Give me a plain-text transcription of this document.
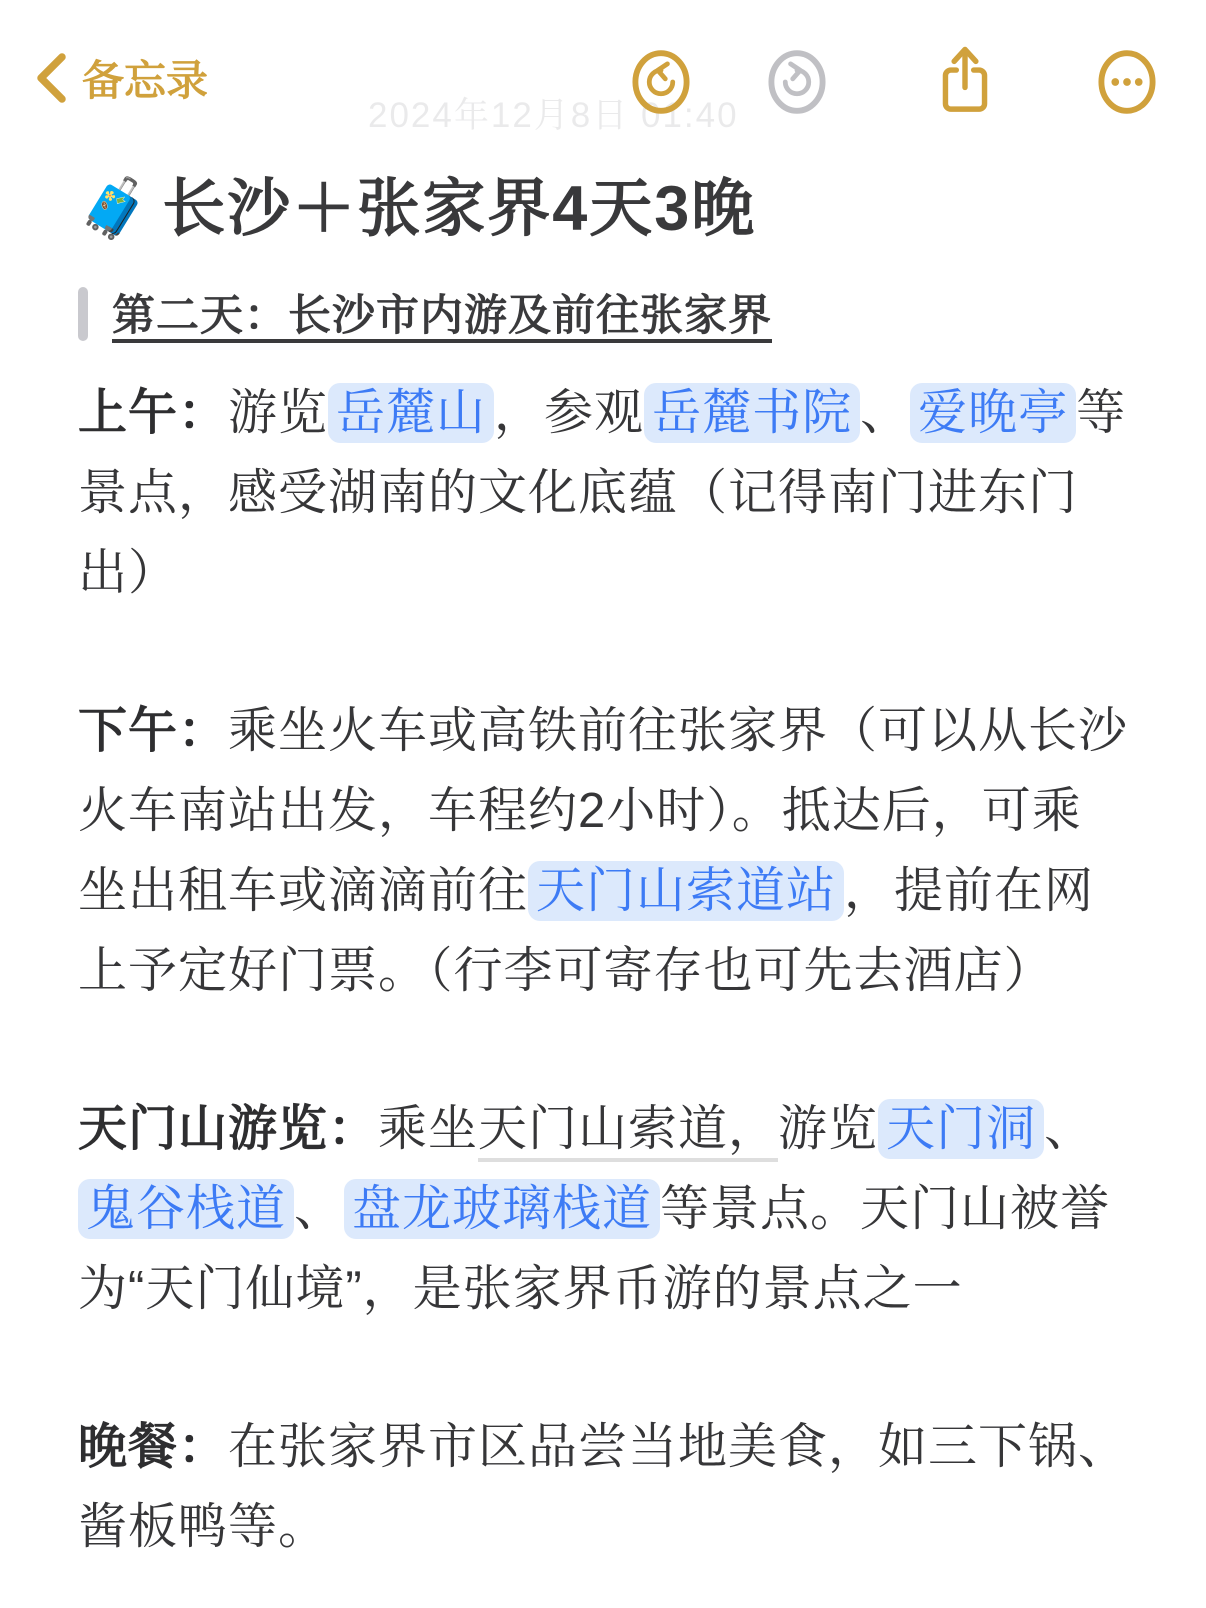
备忘录
2024年12月8日 01:40
🧳 长沙＋张家界4天3晚
第二天：长沙市内游及前往张家界

上午：游览 岳麓山 ，参观 岳麓书院 、 爱晚亭 等景点，感受湖南的文化底蕴（记得南门进东门出）

下午：乘坐火车或高铁前往张家界（可以从长沙火车南站出发，车程约2小时）。抵达后，可乘坐出租车或滴滴前往 天门山索道站 ，提前在网上予定好门票。（行李可寄存也可先去酒店）

天门山游览：乘坐天门山索道，游览 天门洞 、鬼谷栈道 、 盘龙玻璃栈道 等景点。天门山被誉为“天门仙境”，是张家界币游的景点之一

晚餐：在张家界市区品尝当地美食，如三下锅、酱板鸭等。
